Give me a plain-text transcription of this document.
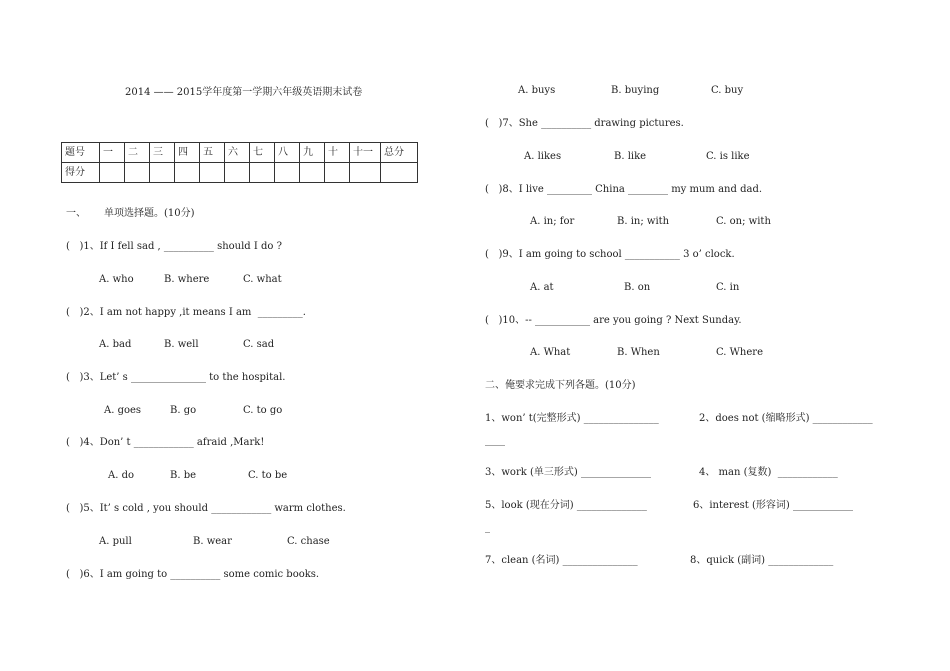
2014 —— 2015学年度第一学期六年级英语期末试卷
题号	一	二	三	四	五	六	七	八	九	十	十一	总分
得分												
一、 单项选择题。(10分)
(   )1、If I fell sad , __________ should I do ?
A. who	B. where	C. what
(   )2、I am not happy ,it means I am  _________.
A. bad	B. well	C. sad
(   )3、Let’ s _______________ to the hospital.
A. goes	B. go	C. to go
(   )4、Don’ t ____________ afraid ,Mark!
A. do	B. be	C. to be
(   )5、It’ s cold , you should ____________ warm clothes.
A. pull	B. wear	C. chase
(   )6、I am going to __________ some comic books.
A. buys	B. buying	C. buy
(   )7、She __________ drawing pictures.
A. likes	B. like	C. is like
(   )8、I live _________ China ________ my mum and dad.
A. in; for	B. in; with	C. on; with
(   )9、I am going to school ___________ 3 o’ clock.
A. at	B. on	C. in
(   )10、-- ___________ are you going ? Next Sunday.
A. What	B. When	C. Where
二、俺要求完成下列各题。(10分)
1、won’ t(完整形式) _______________	2、does not (缩略形式) ____________
____
3、work (单三形式) ______________	4、 man (复数)  ____________
5、look (现在分词) ______________	6、interest (形容词) ____________
_
7、clean (名词) _______________	8、quick (副词) _____________
